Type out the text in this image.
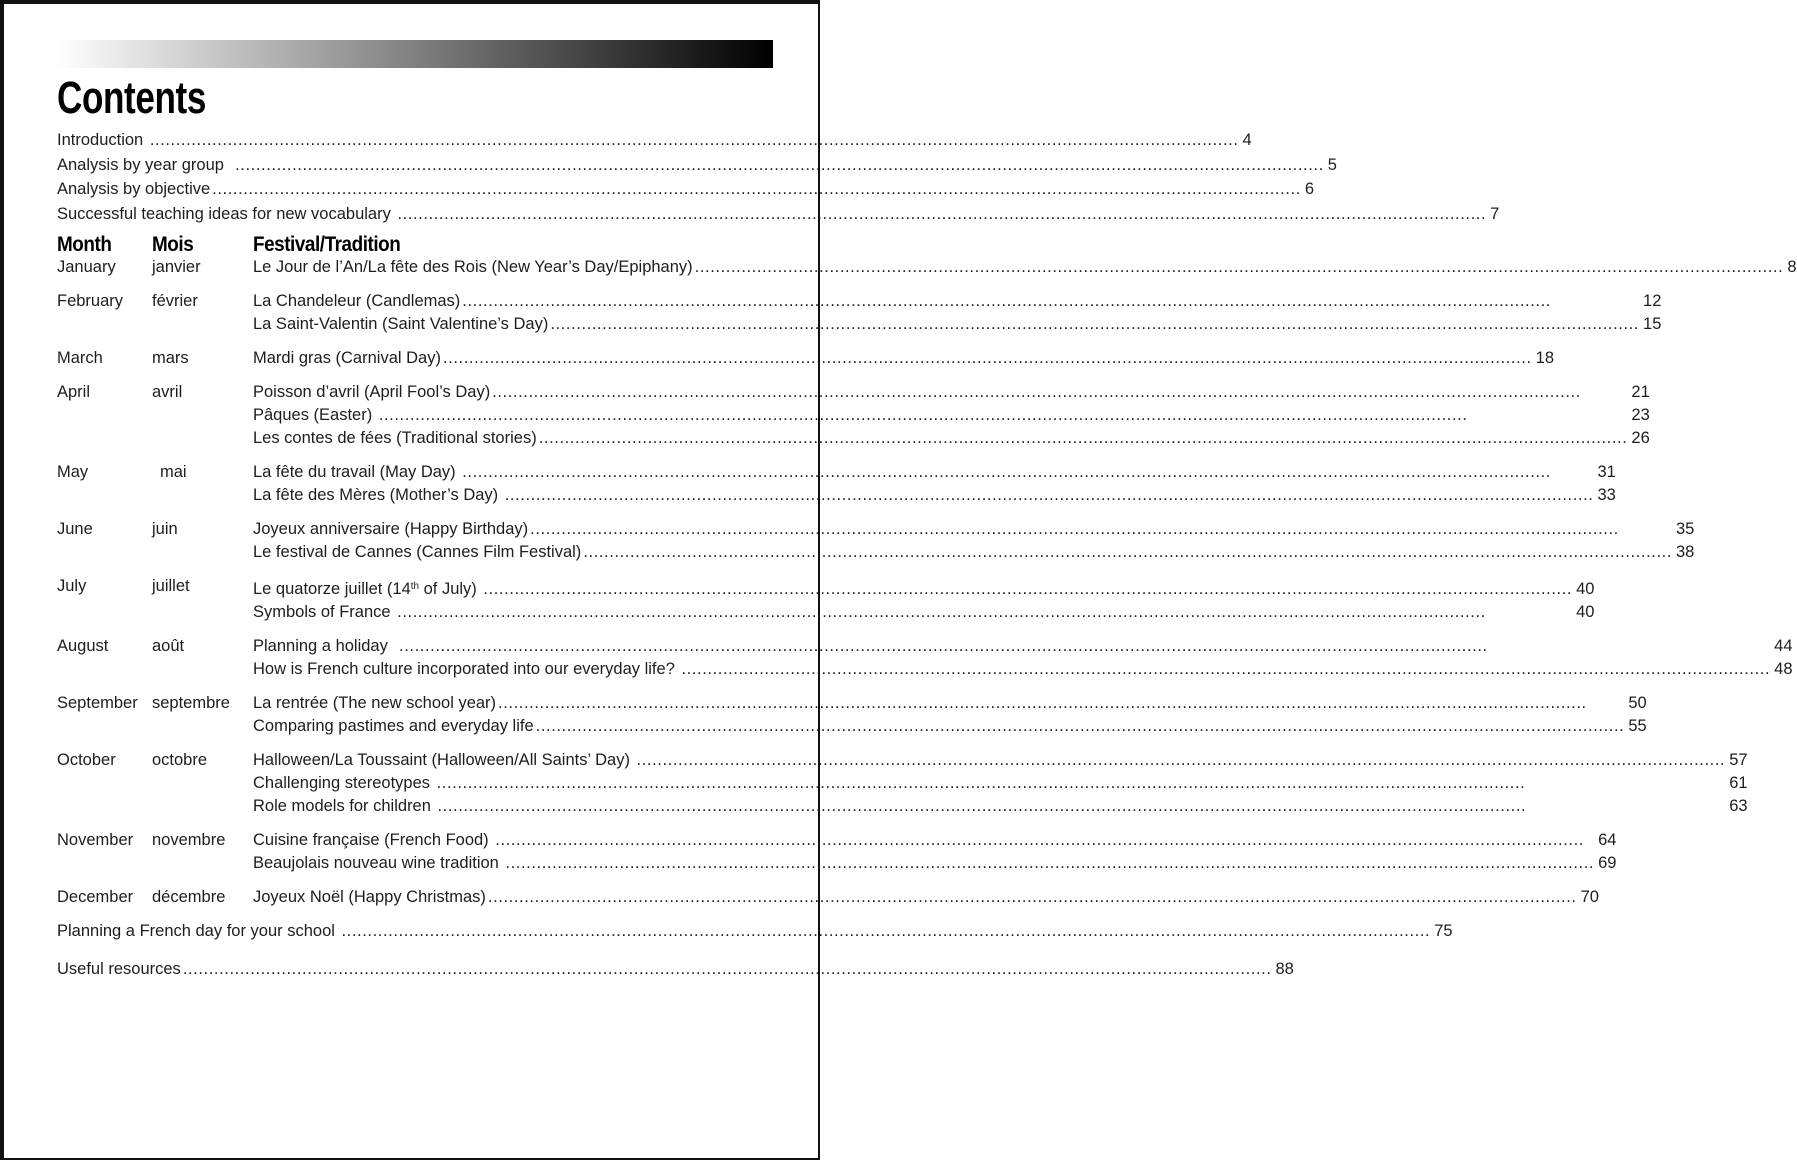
Contents
Introduction .....	4
Analysis by year group .....	5
Analysis by objective .....	6
Successful teaching ideas for new vocabulary .....	7
Month	Mois	Festival/Tradition
January	janvier	Le Jour de l’An/La fête des Rois (New Year’s Day/Epiphany) .....	8
February	février	La Chandeleur (Candlemas) .....	12
La Saint-Valentin (Saint Valentine’s Day) .....	15
March	mars	Mardi gras (Carnival Day) .....	18
April	avril	Poisson d’avril (April Fool’s Day) .....	21
Pâques (Easter) .....	23
Les contes de fées (Traditional stories) .....	26
May	mai	La fête du travail (May Day) .....	31
La fête des Mères (Mother’s Day) .....	33
June	juin	Joyeux anniversaire (Happy Birthday) .....	35
Le festival de Cannes (Cannes Film Festival) .....	38
July	juillet	Le quatorze juillet (14th of July) .....	40
Symbols of France .....	40
August	août	Planning a holiday .....	44
How is French culture incorporated into our everyday life? .....	48
September septembre	La rentrée (The new school year) .....	50
Comparing pastimes and everyday life .....	55
October	octobre	Halloween/La Toussaint (Halloween/All Saints’ Day) .....	57
Challenging stereotypes .....	61
Role models for children .....	63
November	novembre	Cuisine française (French Food) .....	64
Beaujolais nouveau wine tradition .....	69
December	décembre	Joyeux Noël (Happy Christmas) .....	70
Planning a French day for your school .....	75
Useful resources .....	88
